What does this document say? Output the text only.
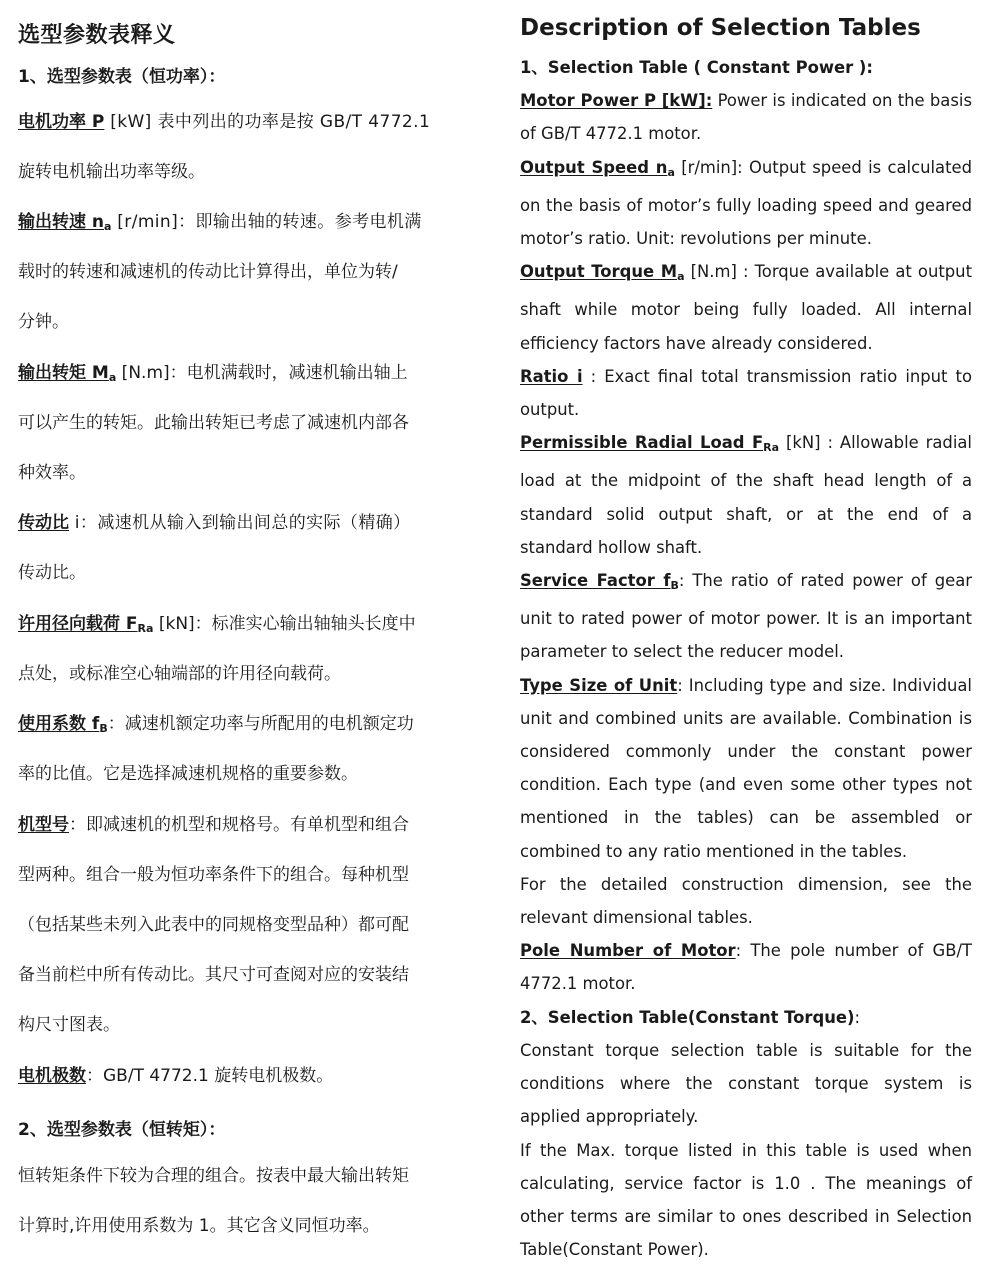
选型参数表释义
1、选型参数表（恒功率）：
电机功率 P [kW] 表中列出的功率是按 GB/T 4772.1
旋转电机输出功率等级。
输出转速 $n_a$ [r/min]：即输出轴的转速。参考电机满
载时的转速和减速机的传动比计算得出，单位为转/
分钟。
输出转矩 $M_a$ [N.m]：电机满载时，减速机输出轴上
可以产生的转矩。此输出转矩已考虑了减速机内部各
种效率。
传动比 i：减速机从输入到输出间总的实际（精确）
传动比。
许用径向载荷 $F_{Ra}$ [kN]：标准实心输出轴轴头长度中
点处，或标准空心轴端部的许用径向载荷。
使用系数 $f_B$：减速机额定功率与所配用的电机额定功
率的比值。它是选择减速机规格的重要参数。
机型号：即减速机的机型和规格号。有单机型和组合
型两种。组合一般为恒功率条件下的组合。每种机型
（包括某些未列入此表中的同规格变型品种）都可配
备当前栏中所有传动比。其尺寸可查阅对应的安装结
构尺寸图表。
电机极数：GB/T 4772.1 旋转电机极数。
2、选型参数表（恒转矩）：
恒转矩条件下较为合理的组合。按表中最大输出转矩
计算时,许用使用系数为 1。其它含义同恒功率。
Description of Selection Tables
1、Selection Table ( Constant Power ):

Motor Power P [kW]: Power is indicated on the basis of GB/T 4772.1 motor.

Output Speed $n_a$ [r/min]: Output speed is calculated on the basis of motor’s fully loading speed and geared motor’s ratio. Unit: revolutions per minute.

Output Torque $M_a$ [N.m] : Torque available at output shaft while motor being fully loaded. All internal efficiency factors have already considered.

Ratio i : Exact final total transmission ratio input to output.

Permissible Radial Load $F_{Ra}$ [kN] : Allowable radial load at the midpoint of the shaft head length of a standard solid output shaft, or at the end of a standard hollow shaft.

Service Factor $f_B$: The ratio of rated power of gear unit to rated power of motor power. It is an important parameter to select the reducer model.

Type Size of Unit: Including type and size. Individual unit and combined units are available. Combination is considered commonly under the constant power condition. Each type (and even some other types not mentioned in the tables) can be assembled or combined to any ratio mentioned in the tables.

For the detailed construction dimension, see the relevant dimensional tables.

Pole Number of Motor: The pole number of GB/T 4772.1 motor.

2、Selection Table(Constant Torque):

Constant torque selection table is suitable for the conditions where the constant torque system is applied appropriately.

If the Max. torque listed in this table is used when calculating, service factor is 1.0 . The meanings of other terms are similar to ones described in Selection Table(Constant Power).
